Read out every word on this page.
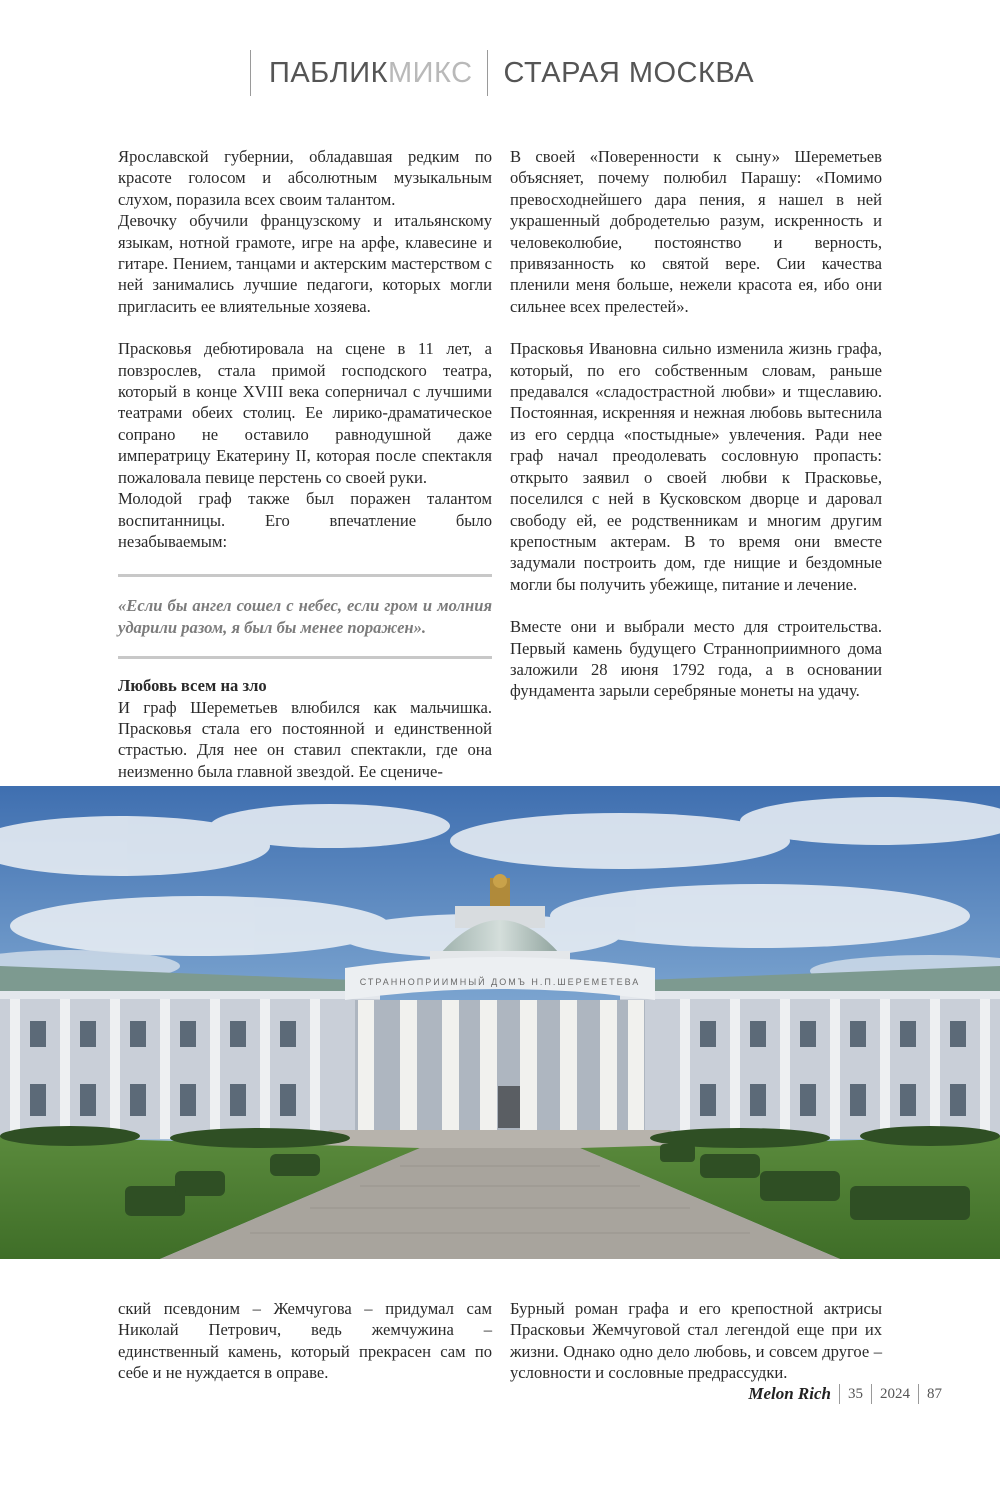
ПАБЛИКМИКС	СТАРАЯ МОСКВА

Ярославской губернии, обладавшая редким по красоте голосом и абсолютным музыкальным слухом, поразила всех своим талантом.

Девочку обучили французскому и итальянскому языкам, нотной грамоте, игре на арфе, клавесине и гитаре. Пением, танцами и актерским мастерством с ней занимались лучшие педагоги, которых могли пригласить ее влиятельные хозяева.

Прасковья дебютировала на сцене в 11 лет, а повзрослев, стала примой господского театра, который в конце XVIII века соперничал с лучшими театрами обеих столиц. Ее лирико-драматическое сопрано не оставило равнодушной даже императрицу Екатерину II, которая после спектакля пожаловала певице перстень со своей руки.

Молодой граф также был поражен талантом воспитанницы. Его впечатление было незабываемым:

«Если бы ангел сошел с небес, если гром и молния ударили разом, я был бы менее поражен».

Любовь всем на зло

И граф Шереметьев влюбился как мальчишка. Прасковья стала его постоянной и единственной страстью. Для нее он ставил спектакли, где она неизменно была главной звездой. Ее сцениче-

В своей «Поверенности к сыну» Шереметьев объясняет, почему полюбил Парашу: «Помимо превосходнейшего дара пения, я нашел в ней украшенный добродетелью разум, искренность и человеколюбие, постоянство и верность, привязанность ко святой вере. Сии качества пленили меня больше, нежели красота ея, ибо они сильнее всех прелестей».

Прасковья Ивановна сильно изменила жизнь графа, который, по его собственным словам, раньше предавался «сладострастной любви» и тщеславию. Постоянная, искренняя и нежная любовь вытеснила из его сердца «постыдные» увлечения. Ради нее граф начал преодолевать сословную пропасть: открыто заявил о своей любви к Прасковье, поселился с ней в Кусковском дворце и даровал свободу ей, ее родственникам и многим другим крепостным актерам. В то время они вместе задумали построить дом, где нищие и бездомные могли бы получить убежище, питание и лечение.

Вместе они и выбрали место для строительства. Первый камень будущего Странноприимного дома заложили 28 июня 1792 года, а в основании фундамента зарыли серебряные монеты на удачу.

СТРАННОПРИИМНЫЙ ДОМЪ Н.П.ШЕРЕМЕТЕВА

ский псевдоним – Жемчугова – придумал сам Николай Петрович, ведь жемчужина – единственный камень, который прекрасен сам по себе и не нуждается в оправе.

Бурный роман графа и его крепостной актрисы Прасковьи Жемчуговой стал легендой еще при их жизни. Однако одно дело любовь, и совсем другое – условности и сословные предрассудки.

Melon Rich	35	2024	87
